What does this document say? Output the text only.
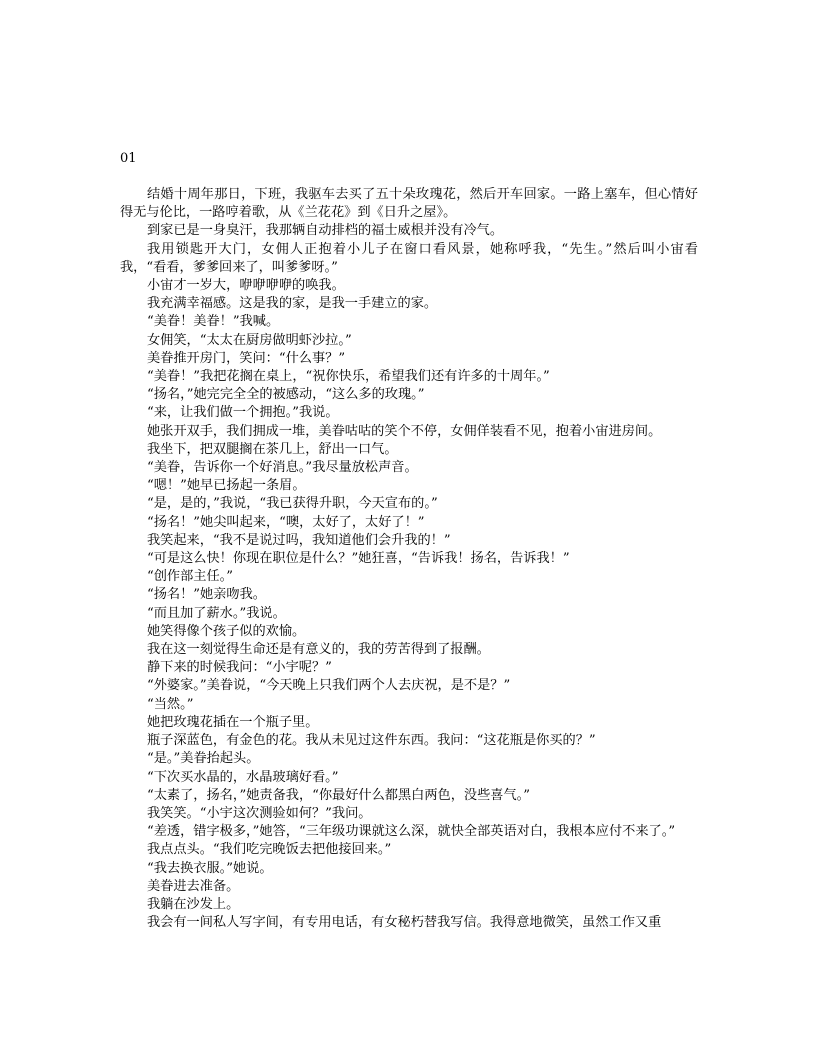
01

结婚十周年那日，下班，我驱车去买了五十朵玫瑰花，然后开车回家。一路上塞车，但心情好得无与伦比，一路哼着歌，从《兰花花》到《日升之屋》。

到家已是一身臭汗，我那辆自动排档的福士威根并没有冷气。

我用锁匙开大门，女佣人正抱着小儿子在窗口看风景，她称呼我，“先生。”然后叫小宙看我，“看看，爹爹回来了，叫爹爹呀。”

小宙才一岁大，咿咿咿咿的唤我。

我充满幸福感。这是我的家，是我一手建立的家。

“美眷！美眷！”我喊。

女佣笑，“太太在厨房做明虾沙拉。”

美眷推开房门，笑问：“什么事？”

“美眷！”我把花搁在桌上，“祝你快乐，希望我们还有许多的十周年。”

“扬名，”她完完全全的被感动，“这么多的玫瑰。”

“来，让我们做一个拥抱。”我说。

她张开双手，我们拥成一堆，美眷咕咕的笑个不停，女佣佯装看不见，抱着小宙进房间。

我坐下，把双腿搁在茶几上，舒出一口气。

“美眷，告诉你一个好消息。”我尽量放松声音。

“嗯！”她早已扬起一条眉。

“是，是的，”我说，“我已获得升职，今天宣布的。”

“扬名！”她尖叫起来，“噢，太好了，太好了！”

我笑起来，“我不是说过吗，我知道他们会升我的！”

“可是这么快！你现在职位是什么？”她狂喜，“告诉我！扬名，告诉我！”

“创作部主任。”

“扬名！”她亲吻我。

“而且加了薪水。”我说。

她笑得像个孩子似的欢愉。

我在这一刻觉得生命还是有意义的，我的劳苦得到了报酬。

静下来的时候我问：“小宇呢？”

“外婆家。”美眷说，“今天晚上只我们两个人去庆祝，是不是？”

“当然。”

她把玫瑰花插在一个瓶子里。

瓶子深蓝色，有金色的花。我从未见过这件东西。我问：“这花瓶是你买的？”

“是。”美眷抬起头。

“下次买水晶的，水晶玻璃好看。”

“太素了，扬名，”她责备我，“你最好什么都黑白两色，没些喜气。”

我笑笑。“小宇这次测验如何？”我问。

“差透，错字极多，”她答，“三年级功课就这么深，就快全部英语对白，我根本应付不来了。”

我点点头。“我们吃完晚饭去把他接回来。”

“我去换衣服。”她说。

美眷进去准备。

我躺在沙发上。

我会有一间私人写字间，有专用电话，有女秘朽替我写信。我得意地微笑，虽然工作又重
